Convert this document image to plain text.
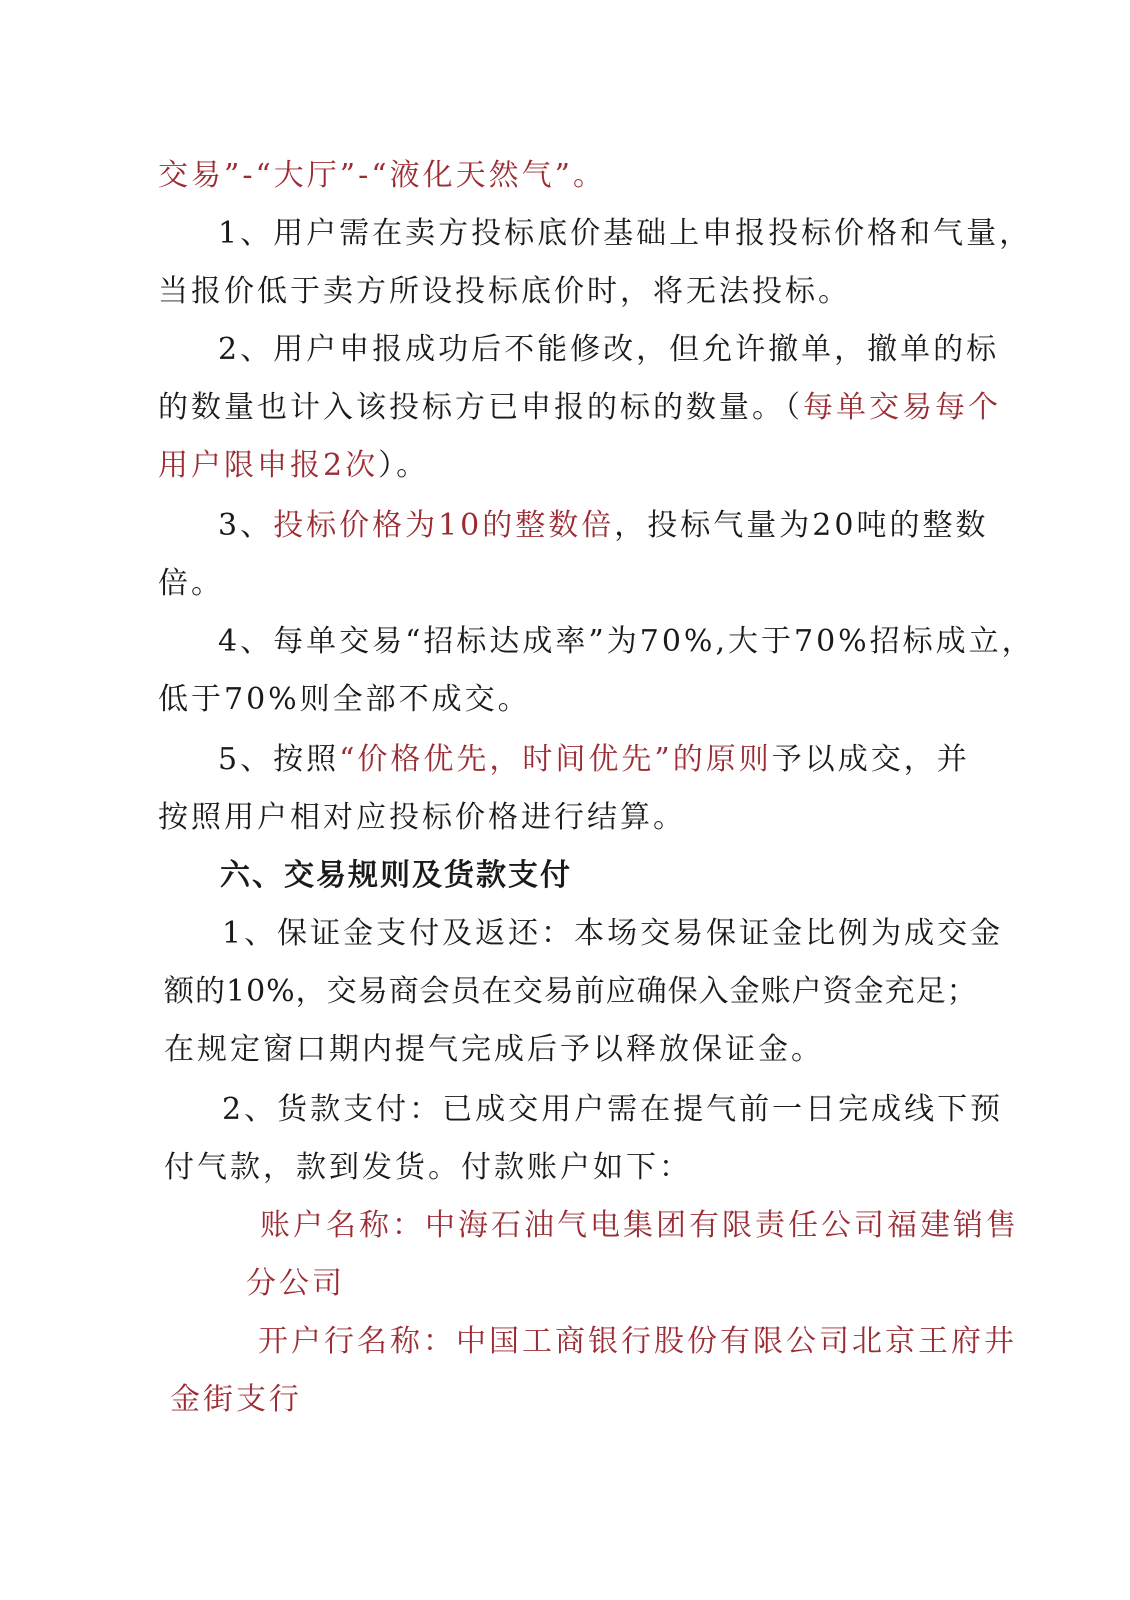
交易”-“大厅”-“液化天然气”。
1、用户需在卖方投标底价基础上申报投标价格和气量，
当报价低于卖方所设投标底价时，将无法投标。
2、用户申报成功后不能修改，但允许撤单，撤单的标
的数量也计入该投标方已申报的标的数量。（每单交易每个
用户限申报2次）。
3、投标价格为10的整数倍，投标气量为20吨的整数
倍。
4、每单交易“招标达成率”为70%,大于70%招标成立，
低于70%则全部不成交。
5、按照“价格优先，时间优先”的原则予以成交，并
按照用户相对应投标价格进行结算。
六、交易规则及货款支付
1、保证金支付及返还：本场交易保证金比例为成交金
额的10%，交易商会员在交易前应确保入金账户资金充足；
在规定窗口期内提气完成后予以释放保证金。
2、货款支付：已成交用户需在提气前一日完成线下预
付气款，款到发货。付款账户如下：
账户名称：中海石油气电集团有限责任公司福建销售
分公司
开户行名称：中国工商银行股份有限公司北京王府井
金街支行
